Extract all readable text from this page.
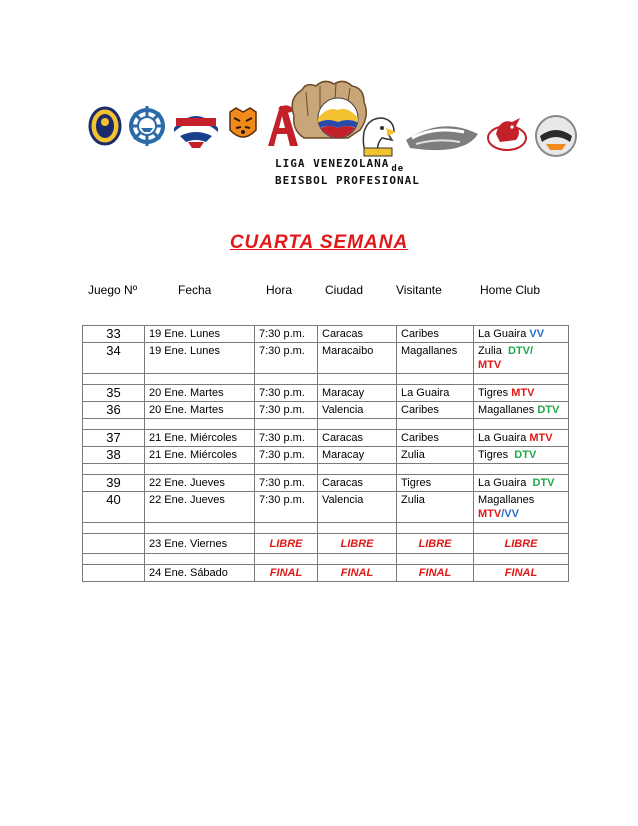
LIGA VENEZOLANA $_{de}$
BEISBOL PROFESIONAL
CUARTA SEMANA
Juego Nº	Fecha	Hora	Ciudad	Visitante	Home Club
33	19 Ene. Lunes	7:30 p.m.	Caracas	Caribes	La Guaira VV
34	19 Ene. Lunes	7:30 p.m.	Maracaibo	Magallanes	Zulia DTV/
MTV

35	20 Ene. Martes	7:30 p.m.	Maracay	La Guaira	Tigres MTV
36	20 Ene. Martes	7:30 p.m.	Valencia	Caribes	Magallanes DTV

37	21 Ene. Miércoles	7:30 p.m.	Caracas	Caribes	La Guaira MTV
38	21 Ene. Miércoles	7:30 p.m.	Maracay	Zulia	Tigres DTV

39	22 Ene. Jueves	7:30 p.m.	Caracas	Tigres	La Guaira DTV
40	22 Ene. Jueves	7:30 p.m.	Valencia	Zulia	Magallanes
MTV/VV

	23 Ene. Viernes	LIBRE	LIBRE	LIBRE	LIBRE

	24 Ene. Sábado	FINAL	FINAL	FINAL	FINAL
